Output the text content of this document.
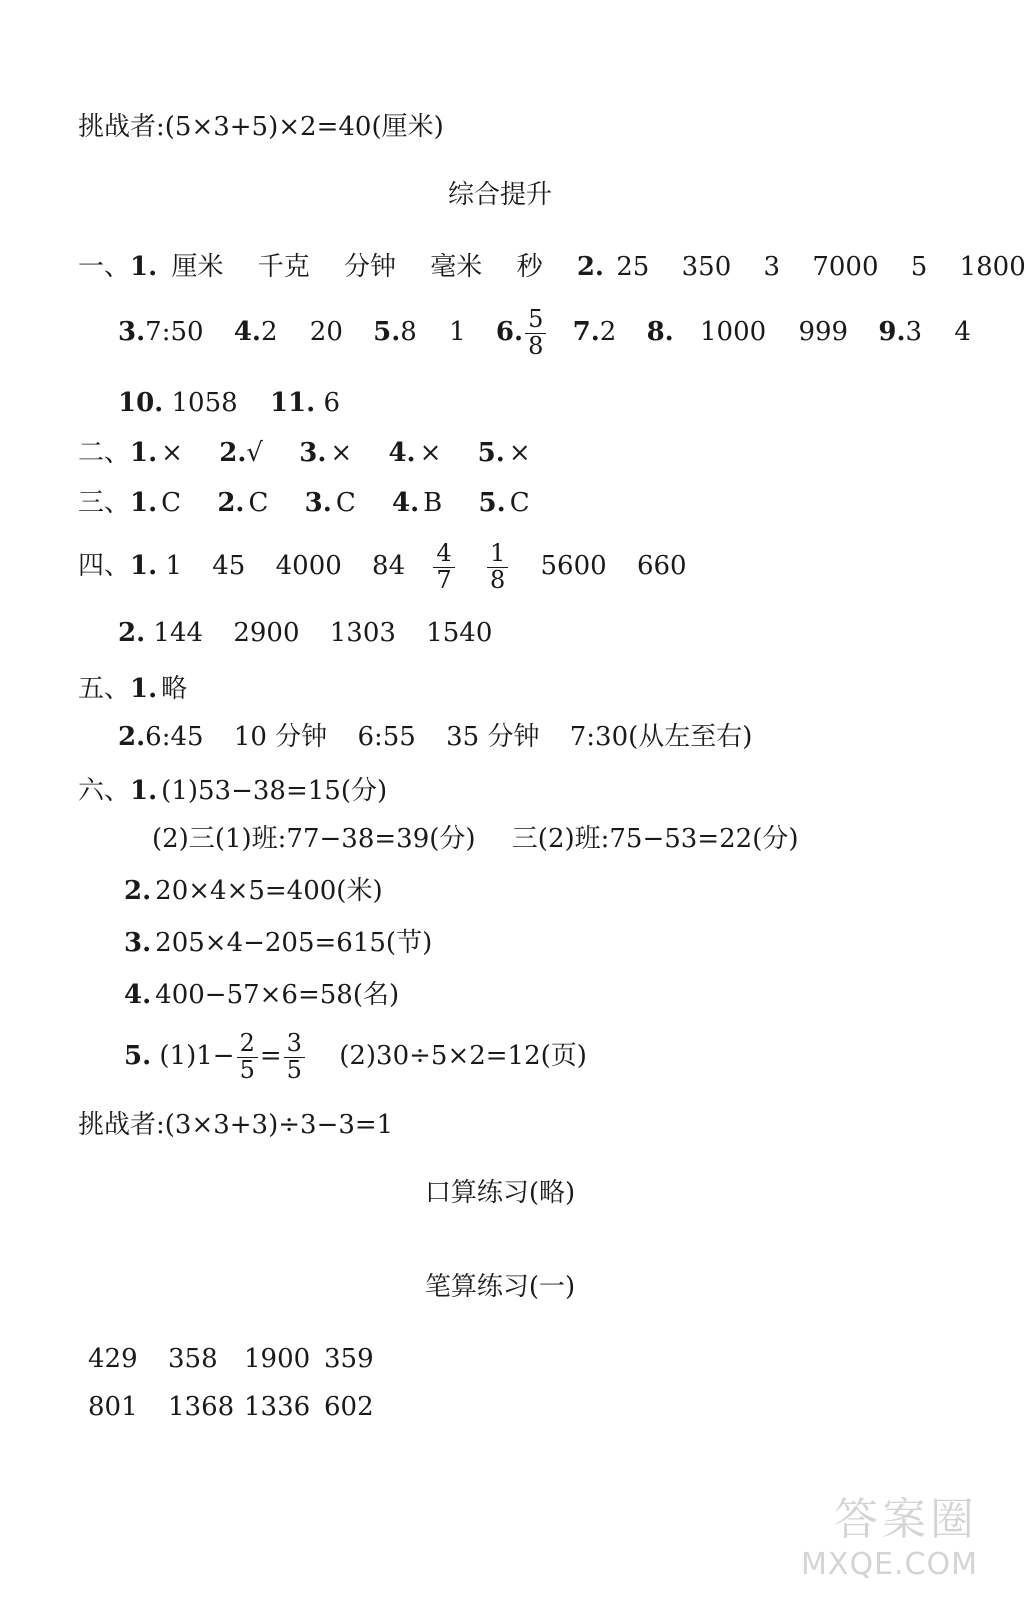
挑战者:(5×3+5)×2=40(厘米)
综合提升
一、1. 厘米 千克 分钟 毫米 秒 2. 25 350 3 7000 5 1800
3.7:50 4.2 20 5.8 1 6. $\frac{5}{8} 7.2$ 8. 1000 999 9.3 4
10. 1058 11. 6
二、1. × 2.√ 3. × 4. × 5. ×
三、1. C 2. C 3. C 4. B 5. C
四、1. 1 45 4000 $84 \frac{4}{7}$
$\frac{1}{8} 5600$ 660
2. 144 2900 1303 1540
五、1. 略
2.6:45 10 分钟 6:55 35 分钟 7:30(从左至右)
六、1. (1)53−38=15(分)
(2)三(1)班:77−38=39(分) 三(2)班:75−53=22(分)
2. 20×4×5=400(米)
3. 205×4−205=615(节)
4. 400−57×6=58(名)
5. $(1)1- \frac{2}{5} = \frac{3}{5} (2)30\div 5\times 2=12$(页)
挑战者:(3×3+3)÷3−3=1
口算练习(略)
笔算练习(一)
429 358 1900 359
801 1368 1336 602
答案圈
MXQE.COM
